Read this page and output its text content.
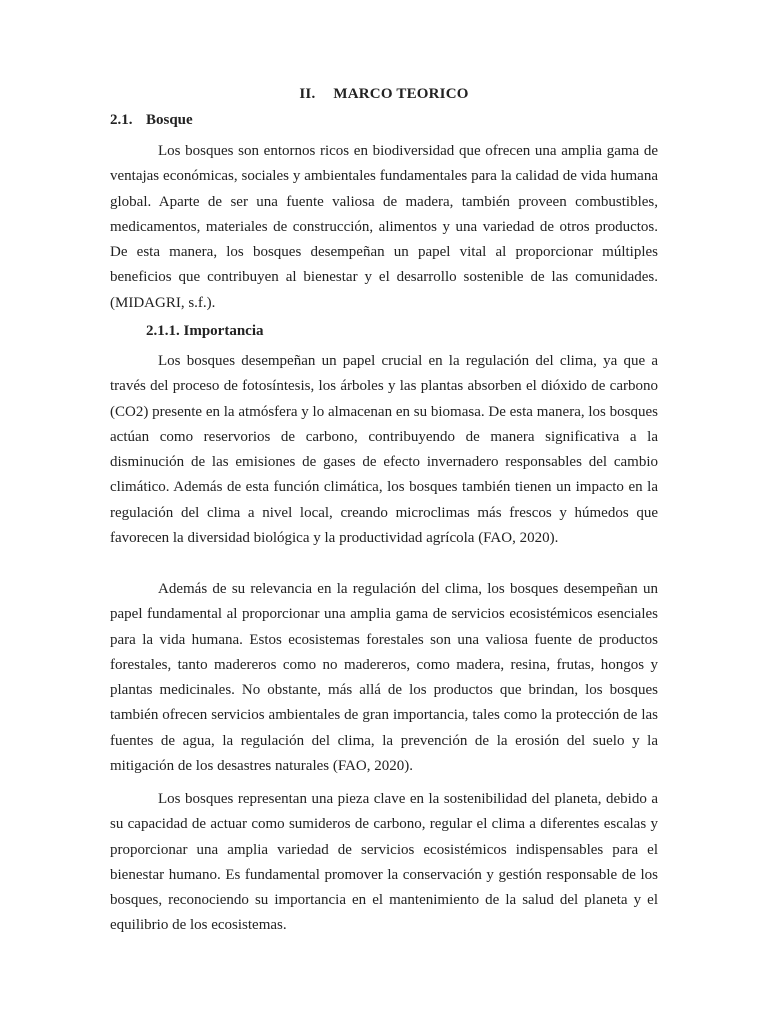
II. MARCO TEORICO
2.1. Bosque

Los bosques son entornos ricos en biodiversidad que ofrecen una amplia gama de ventajas económicas, sociales y ambientales fundamentales para la calidad de vida humana global. Aparte de ser una fuente valiosa de madera, también proveen combustibles, medicamentos, materiales de construcción, alimentos y una variedad de otros productos. De esta manera, los bosques desempeñan un papel vital al proporcionar múltiples beneficios que contribuyen al bienestar y el desarrollo sostenible de las comunidades. (MIDAGRI, s.f.).

2.1.1. Importancia

Los bosques desempeñan un papel crucial en la regulación del clima, ya que a través del proceso de fotosíntesis, los árboles y las plantas absorben el dióxido de carbono (CO2) presente en la atmósfera y lo almacenan en su biomasa. De esta manera, los bosques actúan como reservorios de carbono, contribuyendo de manera significativa a la disminución de las emisiones de gases de efecto invernadero responsables del cambio climático. Además de esta función climática, los bosques también tienen un impacto en la regulación del clima a nivel local, creando microclimas más frescos y húmedos que favorecen la diversidad biológica y la productividad agrícola (FAO, 2020).

Además de su relevancia en la regulación del clima, los bosques desempeñan un papel fundamental al proporcionar una amplia gama de servicios ecosistémicos esenciales para la vida humana. Estos ecosistemas forestales son una valiosa fuente de productos forestales, tanto madereros como no madereros, como madera, resina, frutas, hongos y plantas medicinales. No obstante, más allá de los productos que brindan, los bosques también ofrecen servicios ambientales de gran importancia, tales como la protección de las fuentes de agua, la regulación del clima, la prevención de la erosión del suelo y la mitigación de los desastres naturales (FAO, 2020).

Los bosques representan una pieza clave en la sostenibilidad del planeta, debido a su capacidad de actuar como sumideros de carbono, regular el clima a diferentes escalas y proporcionar una amplia variedad de servicios ecosistémicos indispensables para el bienestar humano. Es fundamental promover la conservación y gestión responsable de los bosques, reconociendo su importancia en el mantenimiento de la salud del planeta y el equilibrio de los ecosistemas.
